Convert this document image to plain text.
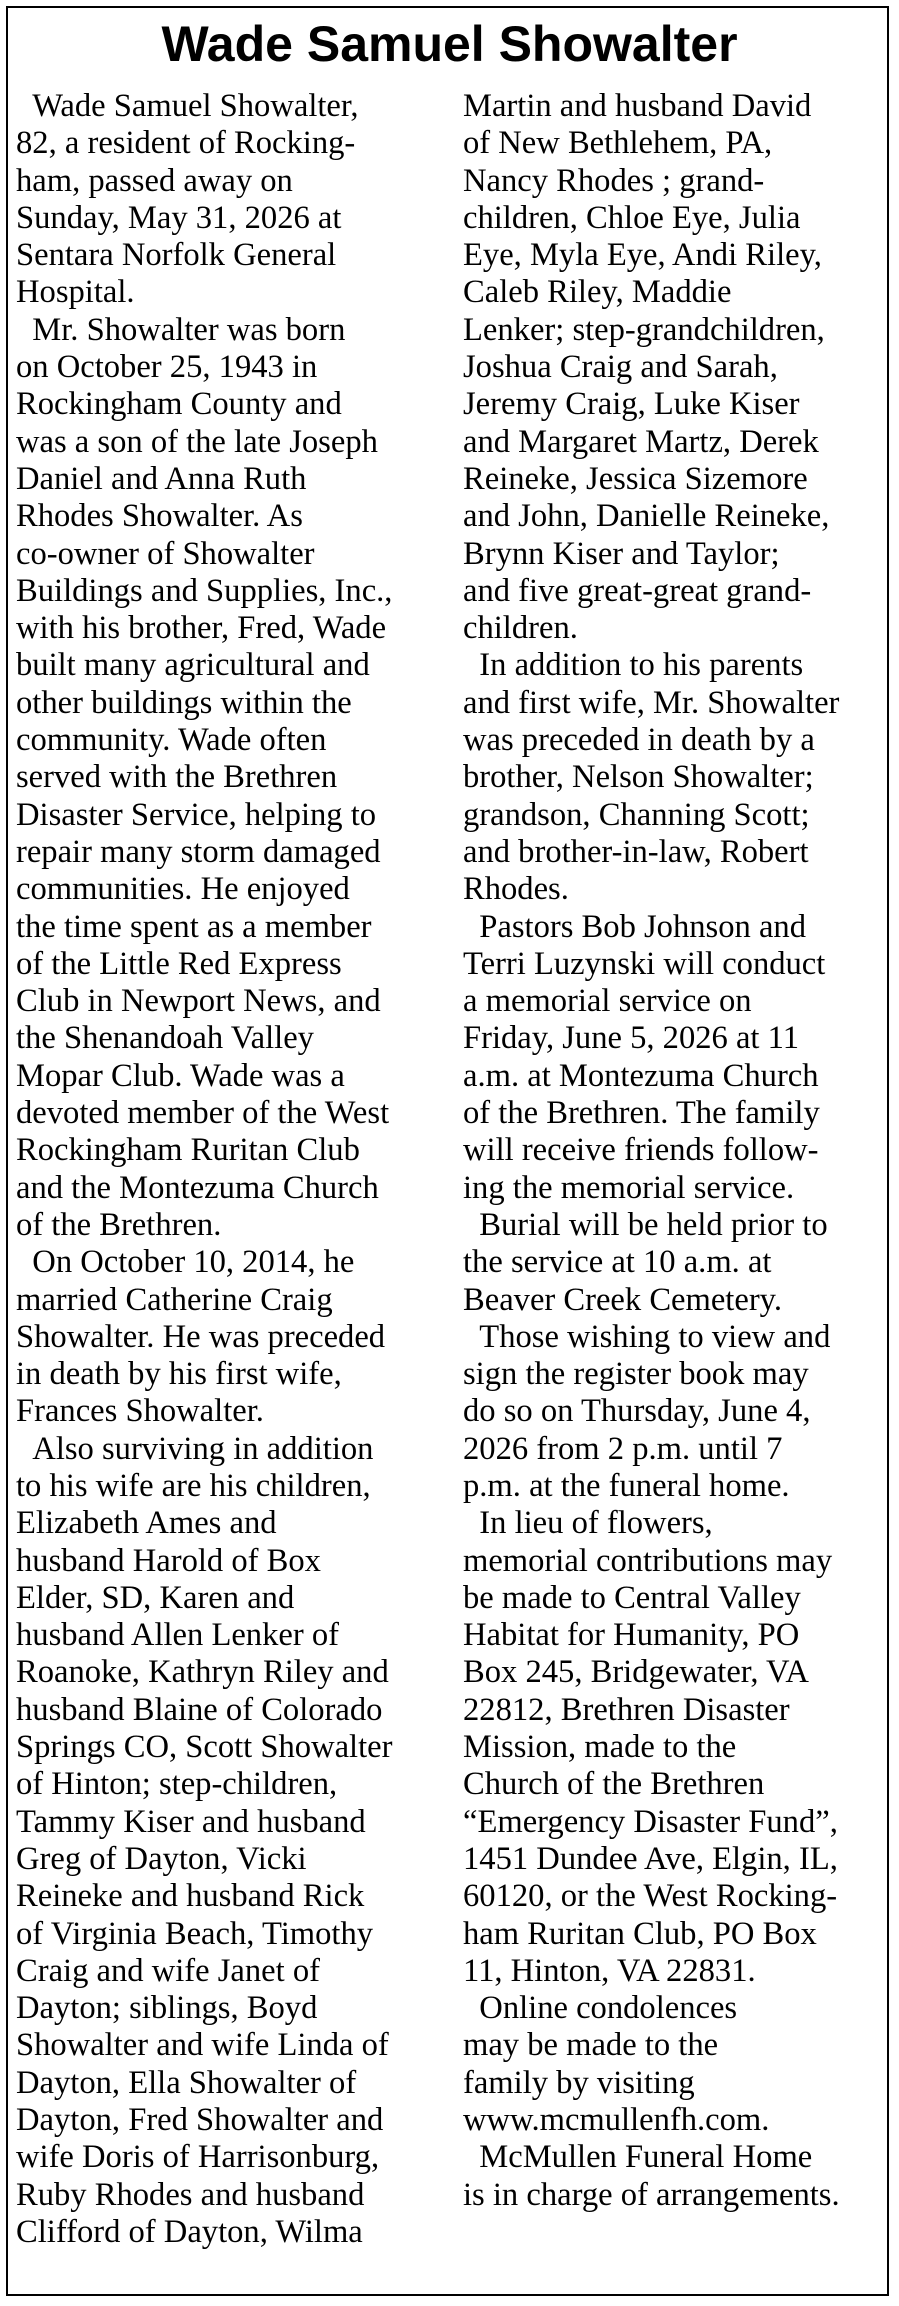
Wade Samuel Showalter
Wade Samuel Showalter,
82, a resident of Rocking-
ham, passed away on
Sunday, May 31, 2026 at
Sentara Norfolk General
Hospital.
Mr. Showalter was born
on October 25, 1943 in
Rockingham County and
was a son of the late Joseph
Daniel and Anna Ruth
Rhodes Showalter. As
co-owner of Showalter
Buildings and Supplies, Inc.,
with his brother, Fred, Wade
built many agricultural and
other buildings within the
community. Wade often
served with the Brethren
Disaster Service, helping to
repair many storm damaged
communities. He enjoyed
the time spent as a member
of the Little Red Express
Club in Newport News, and
the Shenandoah Valley
Mopar Club. Wade was a
devoted member of the West
Rockingham Ruritan Club
and the Montezuma Church
of the Brethren.
On October 10, 2014, he
married Catherine Craig
Showalter. He was preceded
in death by his first wife,
Frances Showalter.
Also surviving in addition
to his wife are his children,
Elizabeth Ames and
husband Harold of Box
Elder, SD, Karen and
husband Allen Lenker of
Roanoke, Kathryn Riley and
husband Blaine of Colorado
Springs CO, Scott Showalter
of Hinton; step-children,
Tammy Kiser and husband
Greg of Dayton, Vicki
Reineke and husband Rick
of Virginia Beach, Timothy
Craig and wife Janet of
Dayton; siblings, Boyd
Showalter and wife Linda of
Dayton, Ella Showalter of
Dayton, Fred Showalter and
wife Doris of Harrisonburg,
Ruby Rhodes and husband
Clifford of Dayton, Wilma
Martin and husband David
of New Bethlehem, PA,
Nancy Rhodes ; grand-
children, Chloe Eye, Julia
Eye, Myla Eye, Andi Riley,
Caleb Riley, Maddie
Lenker; step-grandchildren,
Joshua Craig and Sarah,
Jeremy Craig, Luke Kiser
and Margaret Martz, Derek
Reineke, Jessica Sizemore
and John, Danielle Reineke,
Brynn Kiser and Taylor;
and five great-great grand-
children.
In addition to his parents
and first wife, Mr. Showalter
was preceded in death by a
brother, Nelson Showalter;
grandson, Channing Scott;
and brother-in-law, Robert
Rhodes.
Pastors Bob Johnson and
Terri Luzynski will conduct
a memorial service on
Friday, June 5, 2026 at 11
a.m. at Montezuma Church
of the Brethren. The family
will receive friends follow-
ing the memorial service.
Burial will be held prior to
the service at 10 a.m. at
Beaver Creek Cemetery.
Those wishing to view and
sign the register book may
do so on Thursday, June 4,
2026 from 2 p.m. until 7
p.m. at the funeral home.
In lieu of flowers,
memorial contributions may
be made to Central Valley
Habitat for Humanity, PO
Box 245, Bridgewater, VA
22812, Brethren Disaster
Mission, made to the
Church of the Brethren
“Emergency Disaster Fund”,
1451 Dundee Ave, Elgin, IL,
60120, or the West Rocking-
ham Ruritan Club, PO Box
11, Hinton, VA 22831.
Online condolences
may be made to the
family by visiting
www.mcmullenfh.com.
McMullen Funeral Home
is in charge of arrangements.
